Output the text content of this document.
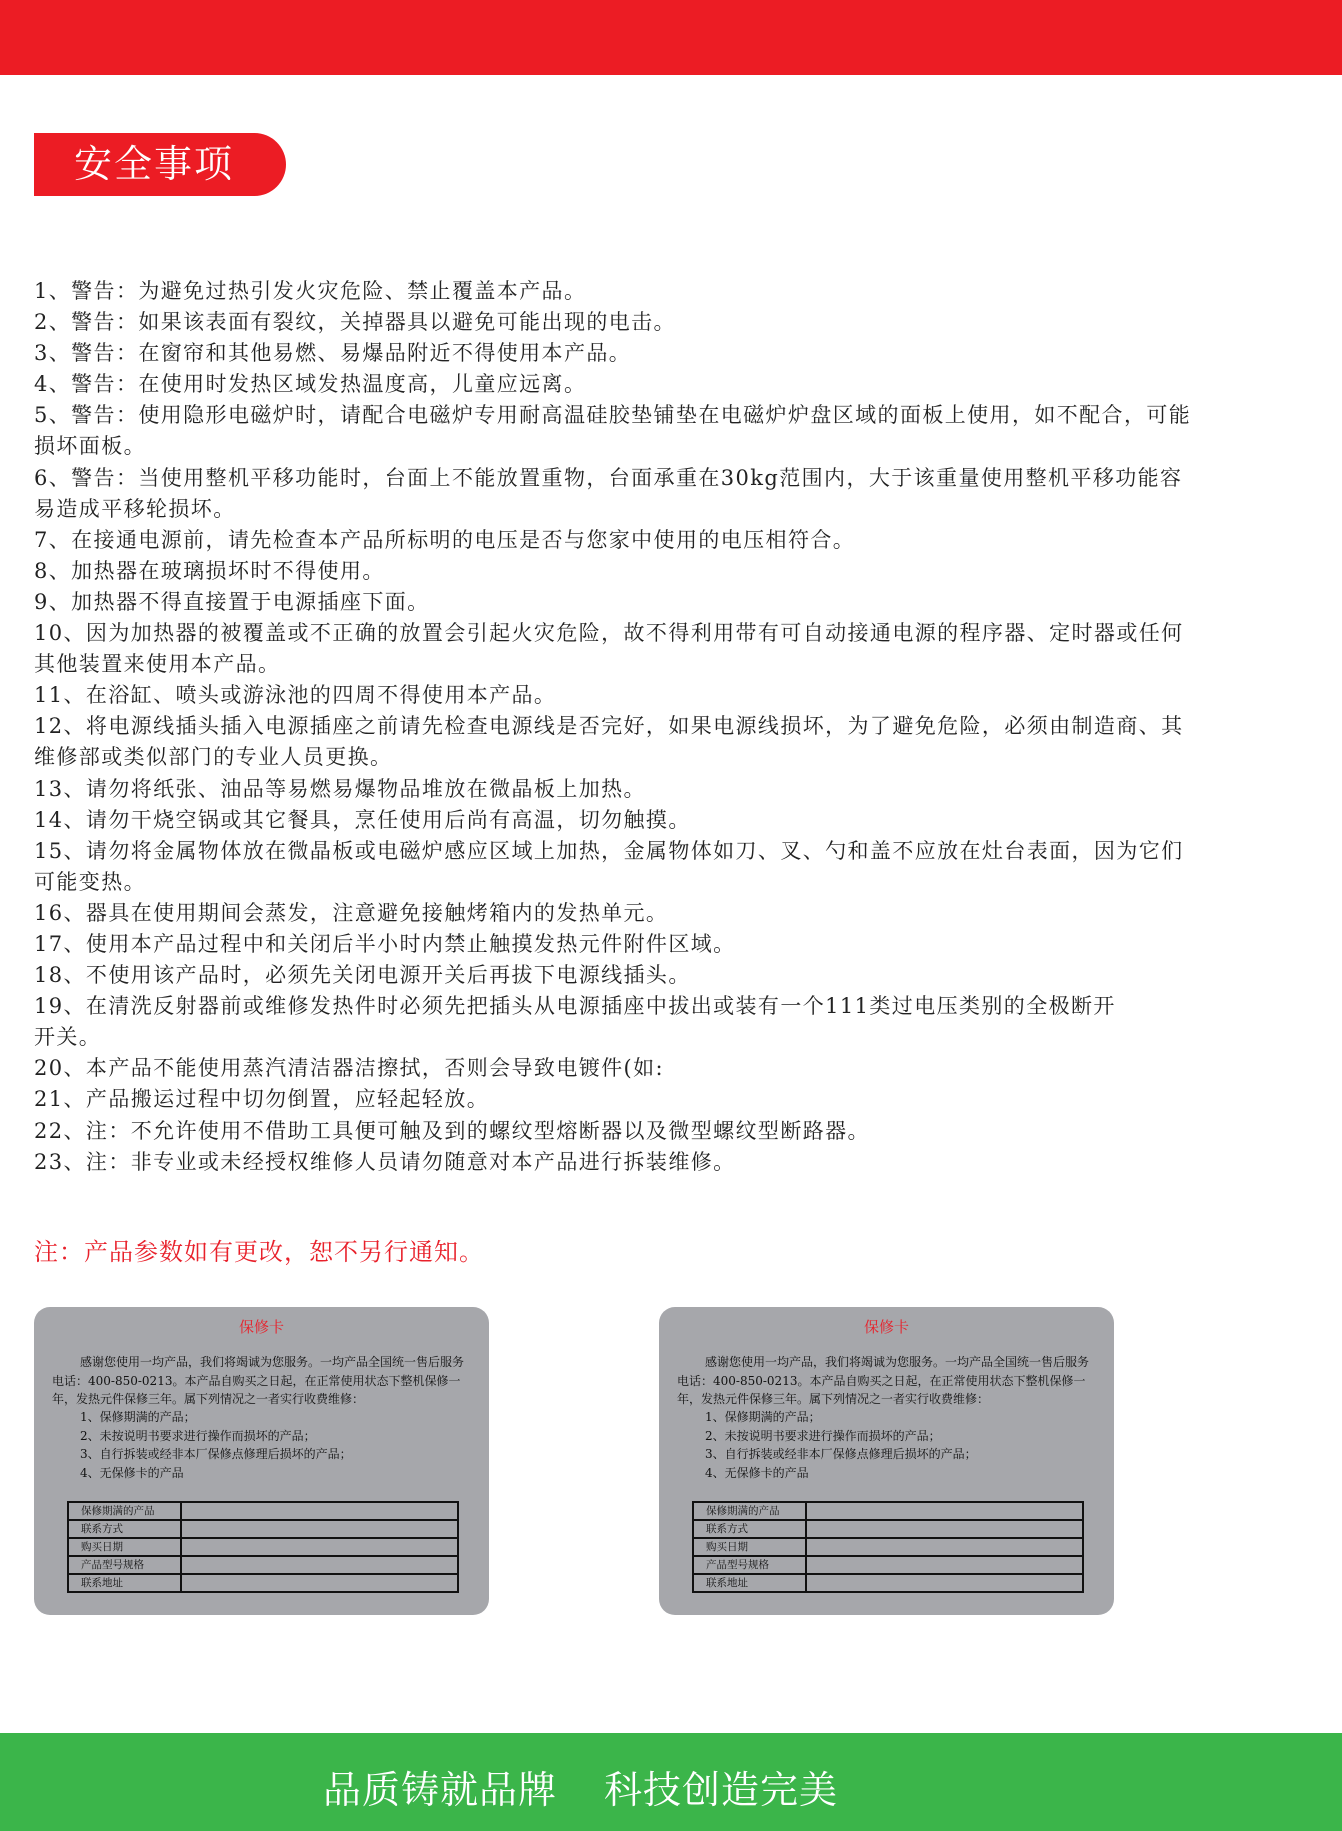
安全事项
1、警告：为避免过热引发火灾危险、禁止覆盖本产品。
2、警告：如果该表面有裂纹，关掉器具以避免可能出现的电击。
3、警告：在窗帘和其他易燃、易爆品附近不得使用本产品。
4、警告：在使用时发热区域发热温度高，儿童应远离。
5、警告：使用隐形电磁炉时，请配合电磁炉专用耐高温硅胶垫铺垫在电磁炉炉盘区域的面板上使用，如不配合，可能损坏面板。
6、警告：当使用整机平移功能时，台面上不能放置重物，台面承重在30kg范围内，大于该重量使用整机平移功能容易造成平移轮损坏。
7、在接通电源前，请先检查本产品所标明的电压是否与您家中使用的电压相符合。
8、加热器在玻璃损坏时不得使用。
9、加热器不得直接置于电源插座下面。
10、因为加热器的被覆盖或不正确的放置会引起火灾危险，故不得利用带有可自动接通电源的程序器、定时器或任何其他装置来使用本产品。
11、在浴缸、喷头或游泳池的四周不得使用本产品。
12、将电源线插头插入电源插座之前请先检查电源线是否完好，如果电源线损坏，为了避免危险，必须由制造商、其维修部或类似部门的专业人员更换。
13、请勿将纸张、油品等易燃易爆物品堆放在微晶板上加热。
14、请勿干烧空锅或其它餐具，烹任使用后尚有高温，切勿触摸。
15、请勿将金属物体放在微晶板或电磁炉感应区域上加热，金属物体如刀、叉、勺和盖不应放在灶台表面，因为它们可能变热。
16、器具在使用期间会蒸发，注意避免接触烤箱内的发热单元。
17、使用本产品过程中和关闭后半小时内禁止触摸发热元件附件区域。
18、不使用该产品时，必须先关闭电源开关后再拔下电源线插头。
19、在清洗反射器前或维修发热件时必须先把插头从电源插座中拔出或装有一个111类过电压类别的全极断开
开关。
20、本产品不能使用蒸汽清洁器洁擦拭，否则会导致电镀件(如:
21、产品搬运过程中切勿倒置，应轻起轻放。
22、注：不允许使用不借助工具便可触及到的螺纹型熔断器以及微型螺纹型断路器。
23、注：非专业或未经授权维修人员请勿随意对本产品进行拆装维修。
注：产品参数如有更改，恕不另行通知。
保修卡
感谢您使用一均产品，我们将竭诚为您服务。一均产品全国统一售后服务电话：400-850-0213。本产品自购买之日起，在正常使用状态下整机保修一年，发热元件保修三年。属下列情况之一者实行收费维修：
1、保修期满的产品；
2、未按说明书要求进行操作而损坏的产品；
3、自行拆装或经非本厂保修点修理后损坏的产品；
4、无保修卡的产品
保修期满的产品	
联系方式	
购买日期	
产品型号规格	
联系地址	
保修卡
感谢您使用一均产品，我们将竭诚为您服务。一均产品全国统一售后服务电话：400-850-0213。本产品自购买之日起，在正常使用状态下整机保修一年，发热元件保修三年。属下列情况之一者实行收费维修：
1、保修期满的产品；
2、未按说明书要求进行操作而损坏的产品；
3、自行拆装或经非本厂保修点修理后损坏的产品；
4、无保修卡的产品
保修期满的产品	
联系方式	
购买日期	
产品型号规格	
联系地址	
品质铸就品牌 科技创造完美
